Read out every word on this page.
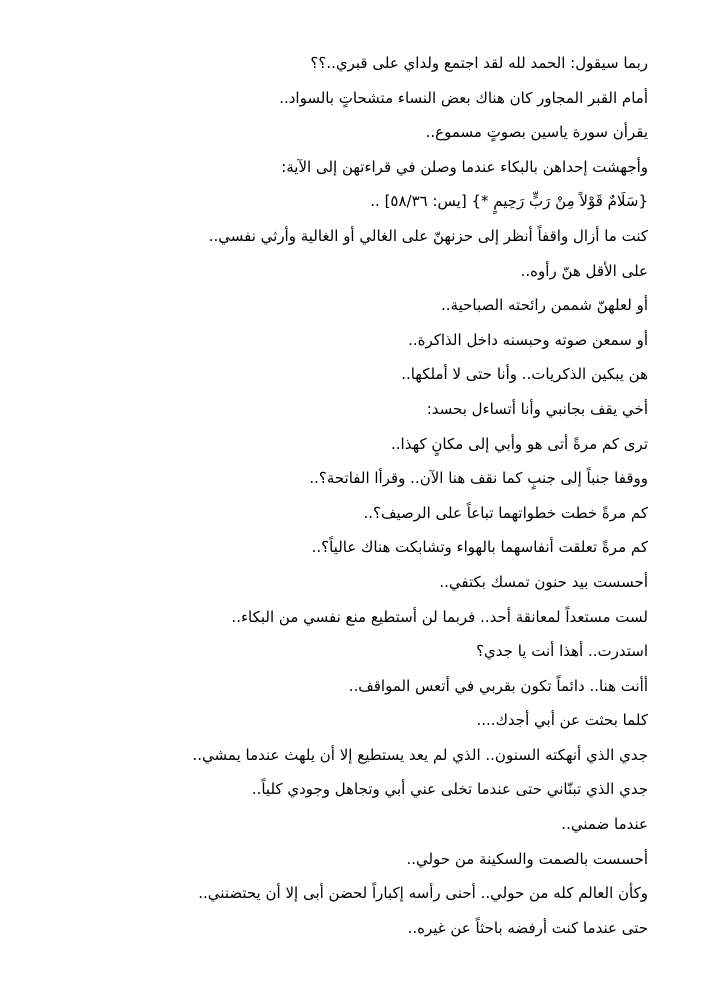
ربما سيقول: الحمد لله لقد اجتمع ولداي على قبري..؟؟
أمام القبر المجاور كان هناك بعض النساء متشحاتٍ بالسواد..
يقرأن سورة ياسين بصوتٍ مسموع..
وأجهشت إحداهن بالبكاء عندما وصلن في قراءتهن إلى الآية:
{سَلَامٌ قَوْلاً مِنْ رَبٍّ رَحِيمٍ *} [يس: ٥٨/٣٦] ..
كنت ما أزال واقفاً أنظر إلى حزنهنّ على الغالي أو الغالية وأرثي نفسي..
على الأقل هنّ رأوه..
أو لعلهنّ شممن رائحته الصباحية..
أو سمعن صوته وحبسنه داخل الذاكرة..
هن يبكين الذكريات.. وأنا حتى لا أملكها..
أخي يقف بجانبي وأنا أتساءل بحسد:
ترى كم مرةً أتى هو وأبي إلى مكانٍ كهذا..
ووقفا جنباً إلى جنبٍ كما نقف هنا الآن.. وقرأا الفاتحة؟..
كم مرةً خطت خطواتهما تباعاً على الرصيف؟..
كم مرةً تعلقت أنفاسهما بالهواء وتشابكت هناك عالياً؟..
أحسست بيد حنون تمسك بكتفي..
لست مستعداً لمعانقة أحد.. فربما لن أستطيع منع نفسي من البكاء..
استدرت.. أهذا أنت يا جدي؟
أأنت هنا.. دائماً تكون بقربي في أتعس المواقف..
كلما بحثت عن أبي أجدك....
جدي الذي أنهكته السنون.. الذي لم يعد يستطيع إلا أن يلهث عندما يمشي..
جدي الذي تبنّاني حتى عندما تخلى عني أبي وتجاهل وجودي كلياً..
عندما ضمني..
أحسست بالصمت والسكينة من حولي..
وكأن العالم كله من حولي.. أحنى رأسه إكباراً لحضن أبى إلا أن يحتضنني..
حتى عندما كنت أرفضه باحثاً عن غيره..
